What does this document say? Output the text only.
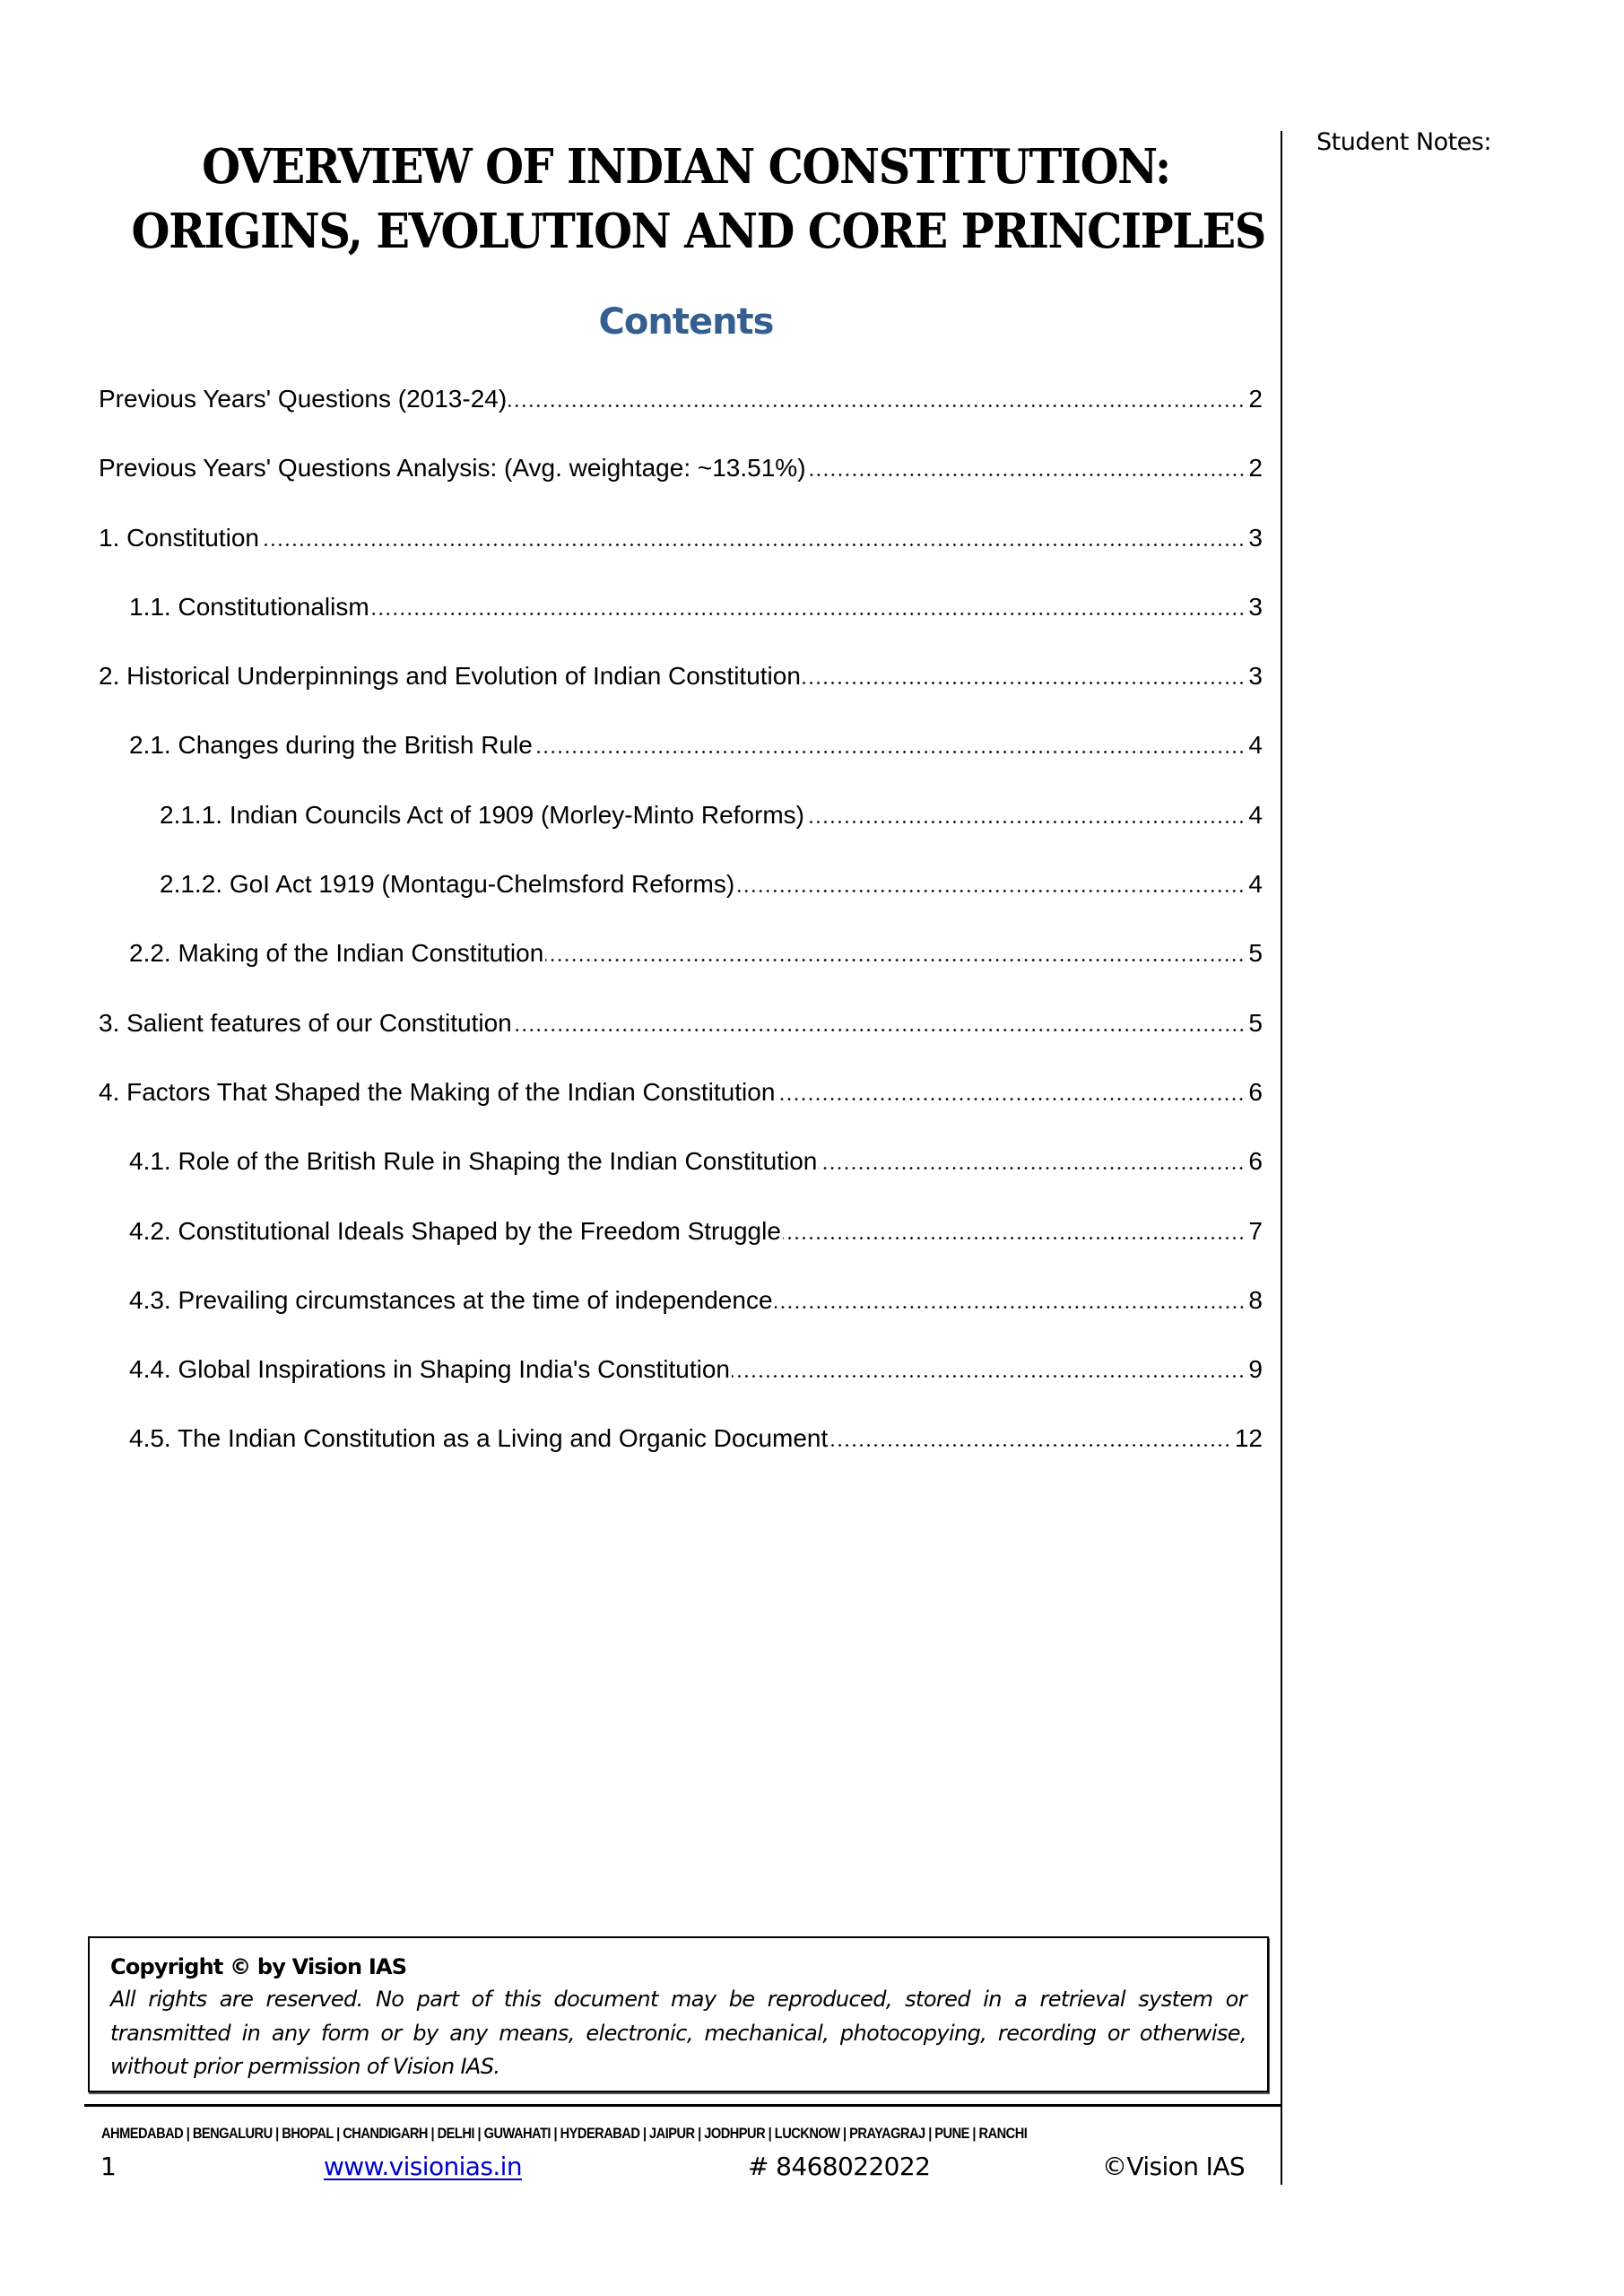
OVERVIEW OF INDIAN CONSTITUTION:
ORIGINS, EVOLUTION AND CORE PRINCIPLES
Contents
Previous Years' Questions (2013-24)	2
Previous Years' Questions Analysis: (Avg. weightage: ~13.51%)	2
1. Constitution	3
1.1. Constitutionalism	3
2. Historical Underpinnings and Evolution of Indian Constitution	3
2.1. Changes during the British Rule	4
2.1.1. Indian Councils Act of 1909 (Morley-Minto Reforms)	4
2.1.2. GoI Act 1919 (Montagu-Chelmsford Reforms)	4
2.2. Making of the Indian Constitution	5
3. Salient features of our Constitution	5
4. Factors That Shaped the Making of the Indian Constitution	6
4.1. Role of the British Rule in Shaping the Indian Constitution	6
4.2. Constitutional Ideals Shaped by the Freedom Struggle	7
4.3. Prevailing circumstances at the time of independence	8
4.4. Global Inspirations in Shaping India's Constitution	9
4.5. The Indian Constitution as a Living and Organic Document	12
Student Notes:

Copyright © by Vision IAS

All rights are reserved. No part of this document may be reproduced, stored in a retrieval system or transmitted in any form or by any means, electronic, mechanical, photocopying, recording or otherwise, without prior permission of Vision IAS.

AHMEDABAD | BENGALURU | BHOPAL | CHANDIGARH | DELHI | GUWAHATI | HYDERABAD | JAIPUR | JODHPUR | LUCKNOW | PRAYAGRAJ | PUNE | RANCHI
1	www.visionias.in	# 8468022022	©Vision IAS
